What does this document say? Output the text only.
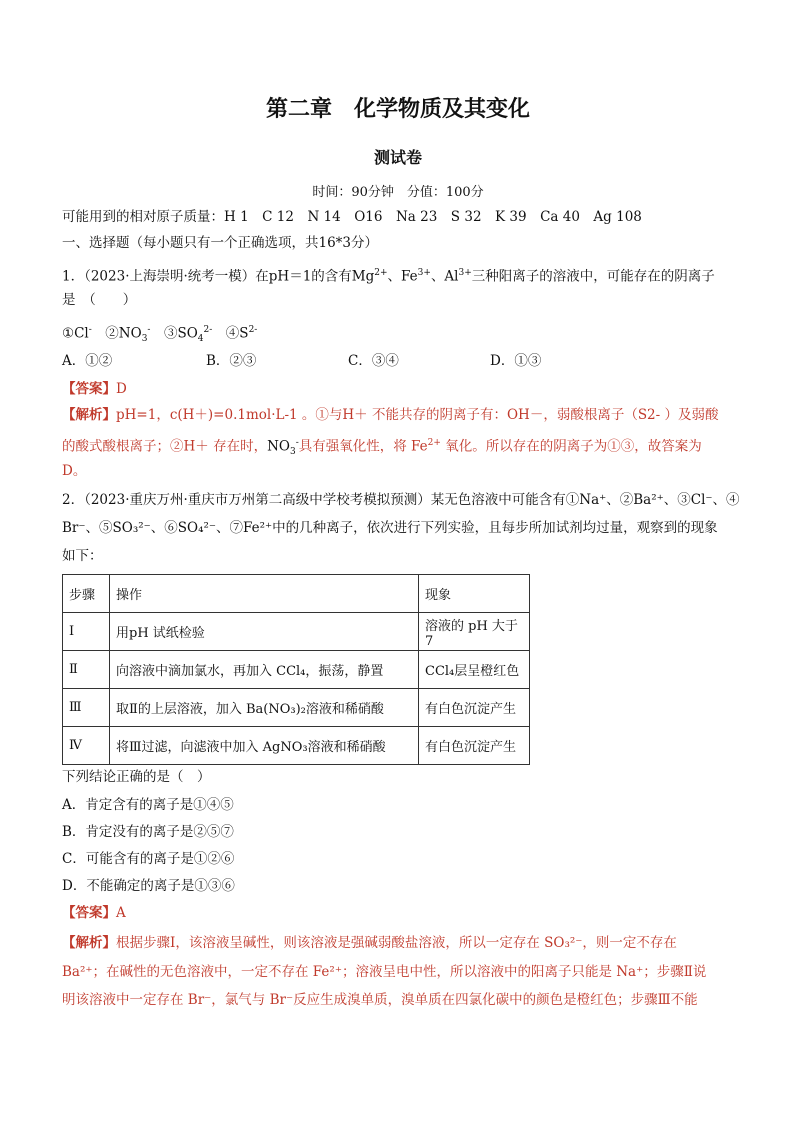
第二章　化学物质及其变化
测试卷
时间：90分钟　分值：100分
可能用到的相对原子质量：H 1　C 12　N 14　O16　Na 23　S 32　K 39　Ca 40　Ag 108
一、选择题（每小题只有一个正确选项，共16*3分）
1．（2023·上海崇明·统考一模）在pH＝1的含有$Mg^{2+}$、$Fe^{3+}$、$Al^{3+}$三种阳离子的溶液中，可能存在的阴离子
是　（　　）
①Cl-　$②NO_3^-$　$③SO_4^{2-}$　$④S^{2-}$
A．①②	B．②③	C．③④	D．①③
【答案】D
【解析】pH=1，c(H＋)=0.1mol·L-1 。①与H＋ 不能共存的阴离子有：OH－，弱酸根离子（S2- ）及弱酸
的酸式酸根离子；②H＋ 存在时，$NO_3^-$具有强氧化性，将 $Fe^{2+}$ 氧化。所以存在的阴离子为①③，故答案为
D。
2．（2023·重庆万州·重庆市万州第二高级中学校考模拟预测）某无色溶液中可能含有①Na⁺、②Ba²⁺、③Cl⁻、④
Br⁻、⑤SO₃²⁻、⑥SO₄²⁻、⑦Fe²⁺中的几种离子，依次进行下列实验，且每步所加试剂均过量，观察到的现象
如下：
步骤	操作	现象
Ⅰ	用pH 试纸检验	溶液的 pH 大于 7
Ⅱ	向溶液中滴加氯水，再加入 CCl₄，振荡，静置	CCl₄层呈橙红色
Ⅲ	取Ⅱ的上层溶液，加入 Ba(NO₃)₂溶液和稀硝酸	有白色沉淀产生
Ⅳ	将Ⅲ过滤，向滤液中加入 AgNO₃溶液和稀硝酸	有白色沉淀产生
下列结论正确的是（　）
A．肯定含有的离子是①④⑤
B．肯定没有的离子是②⑤⑦
C．可能含有的离子是①②⑥
D．不能确定的离子是①③⑥
【答案】A
【解析】根据步骤Ⅰ，该溶液呈碱性，则该溶液是强碱弱酸盐溶液，所以一定存在 SO₃²⁻，则一定不存在
Ba²⁺；在碱性的无色溶液中，一定不存在 Fe²⁺；溶液呈电中性，所以溶液中的阳离子只能是 Na⁺；步骤Ⅱ说
明该溶液中一定存在 Br⁻，氯气与 Br⁻反应生成溴单质，溴单质在四氯化碳中的颜色是橙红色；步骤Ⅲ不能
